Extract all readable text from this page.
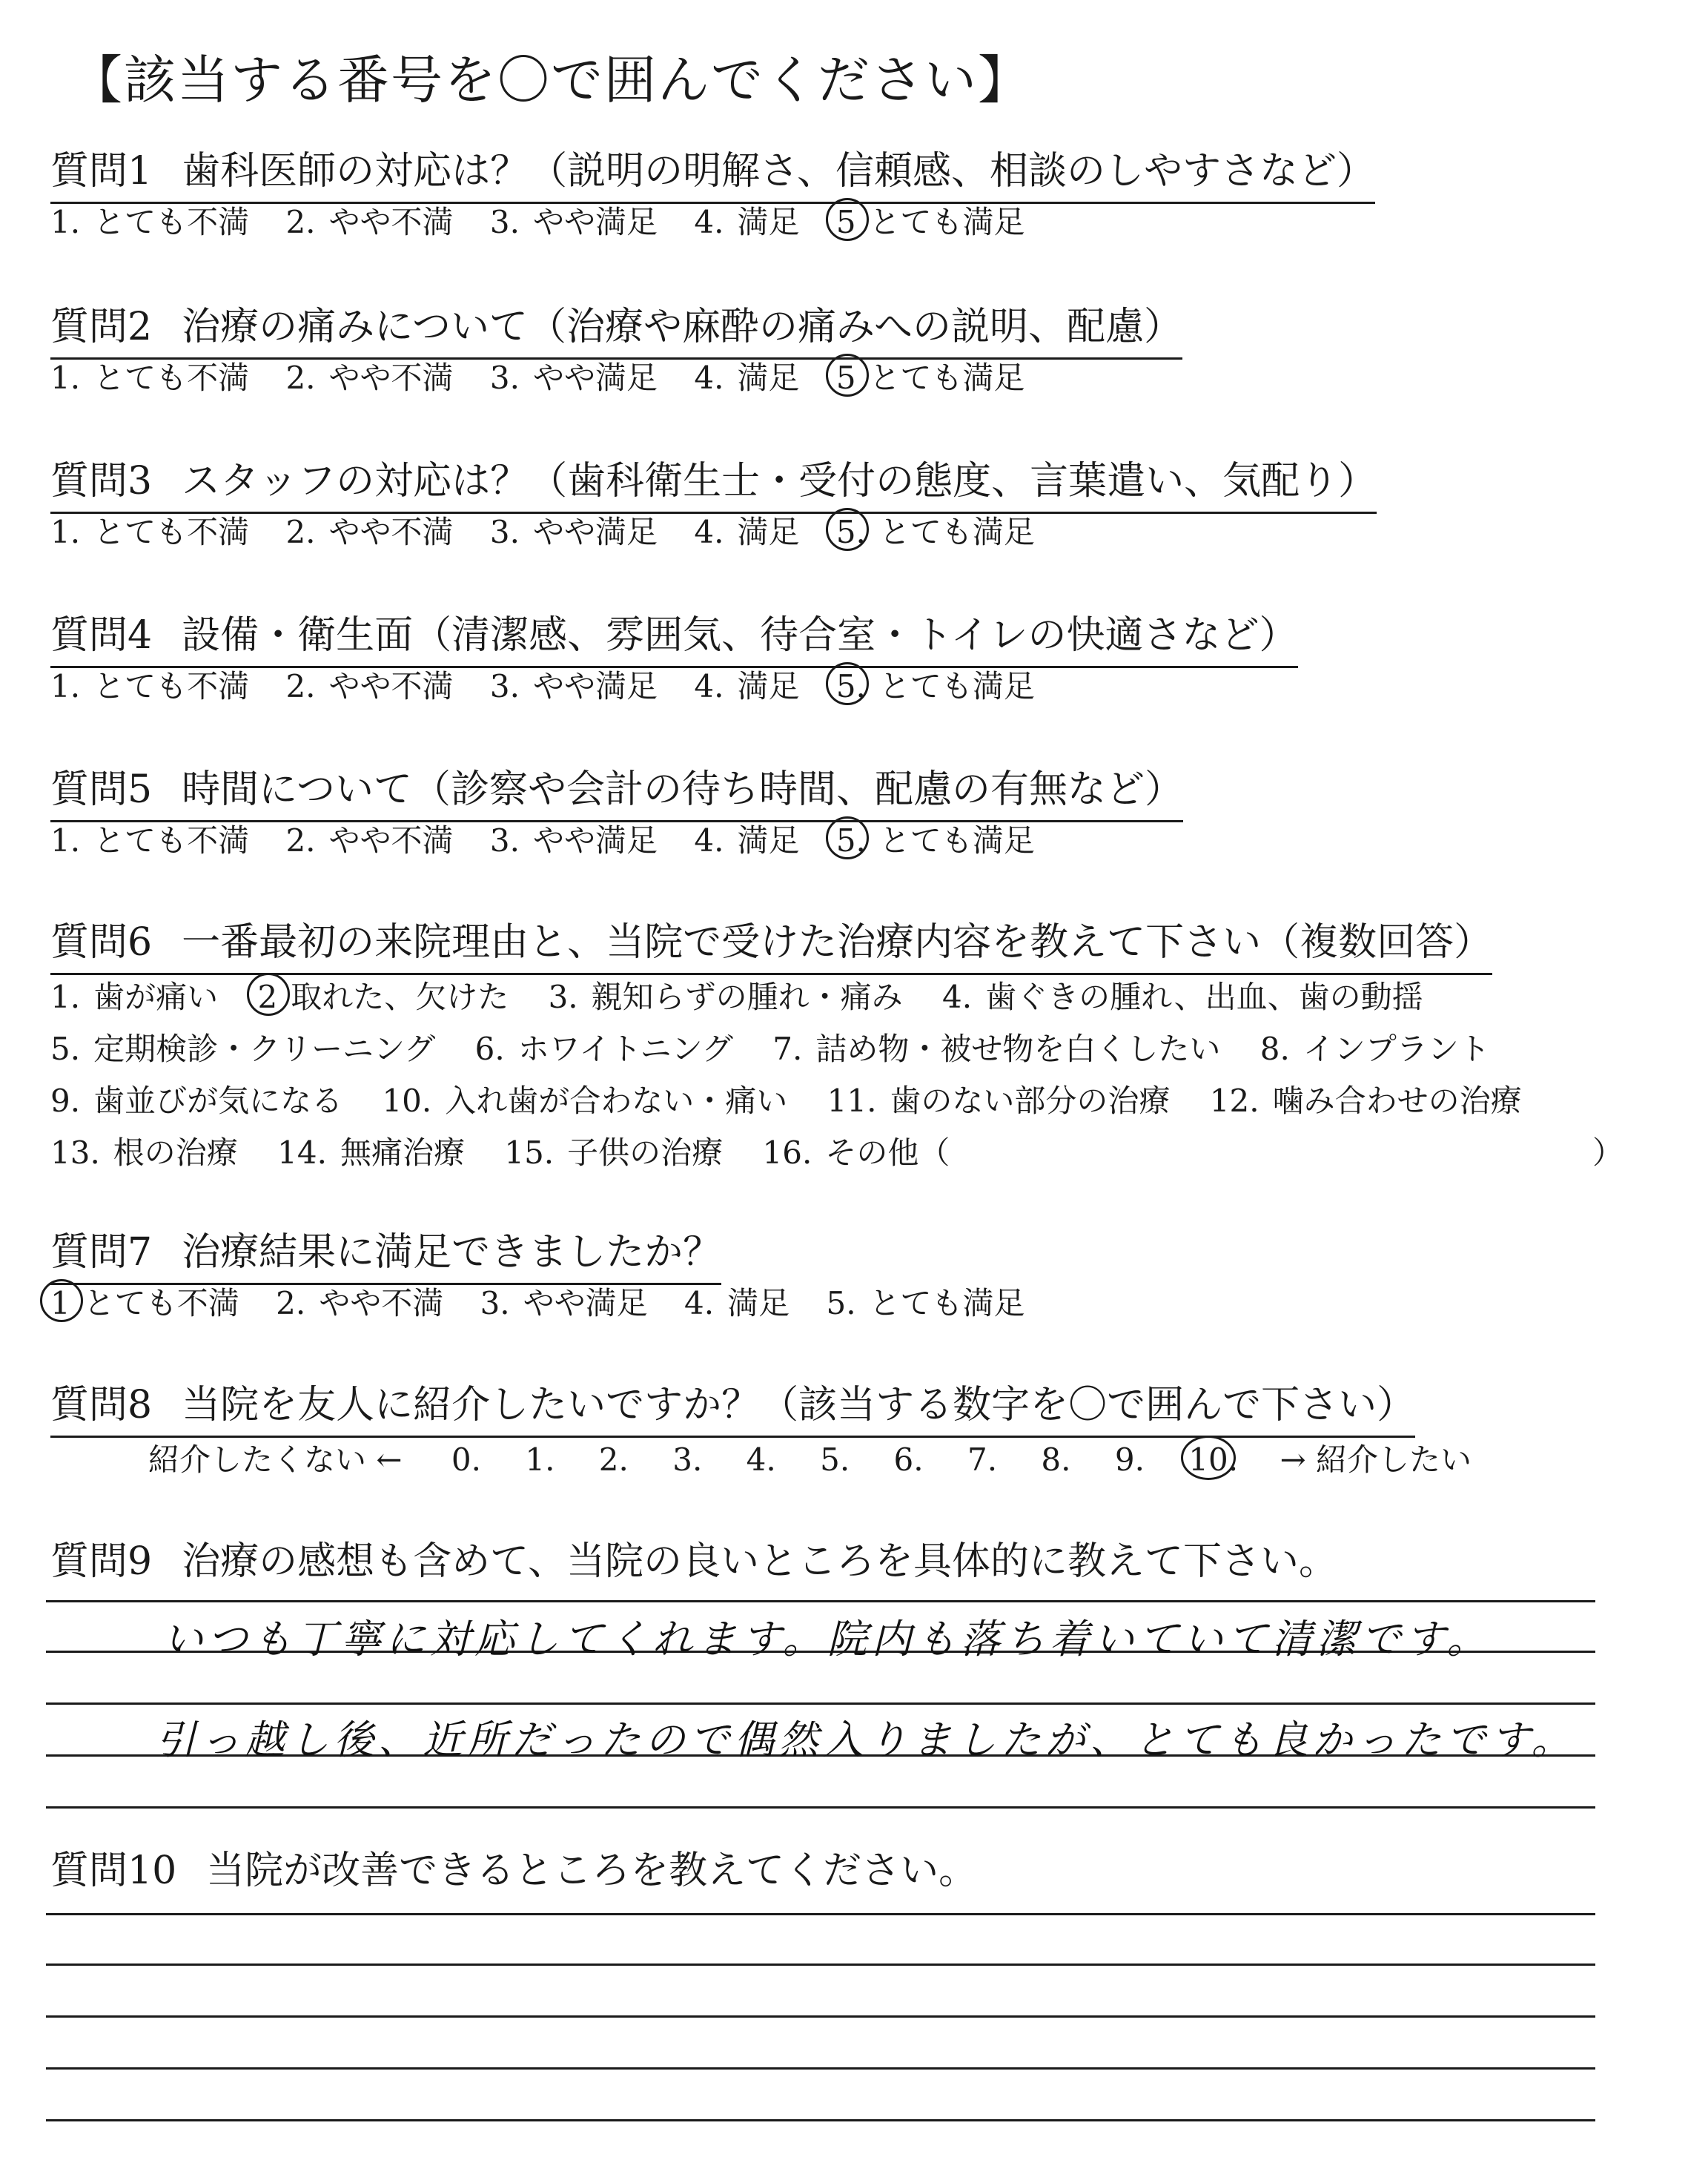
【該当する番号を〇で囲んでください】
質問1 歯科医師の対応は？（説明の明解さ、信頼感、相談のしやすさなど）
1. とても不満 2. やや不満 3. やや満足 4. 満足 5 とても満足
質問2 治療の痛みについて（治療や麻酔の痛みへの説明、配慮）
1. とても不満 2. やや不満 3. やや満足 4. 満足 5 とても満足
質問3 スタッフの対応は？（歯科衛生士・受付の態度、言葉遣い、気配り）
1. とても不満 2. やや不満 3. やや満足 4. 満足 5. とても満足
質問4 設備・衛生面（清潔感、雰囲気、待合室・トイレの快適さなど）
1. とても不満 2. やや不満 3. やや満足 4. 満足 5. とても満足
質問5 時間について（診察や会計の待ち時間、配慮の有無など）
1. とても不満 2. やや不満 3. やや満足 4. 満足 5. とても満足
質問6 一番最初の来院理由と、当院で受けた治療内容を教えて下さい（複数回答）
1. 歯が痛い 2 取れた、欠けた 3. 親知らずの腫れ・痛み 4. 歯ぐきの腫れ、出血、歯の動揺
5. 定期検診・クリーニング 6. ホワイトニング 7. 詰め物・被せ物を白くしたい 8. インプラント
9. 歯並びが気になる 10. 入れ歯が合わない・痛い 11. 歯のない部分の治療 12. 噛み合わせの治療
13. 根の治療 14. 無痛治療 15. 子供の治療 16. その他（	）
質問7 治療結果に満足できましたか？
1 とても不満 2. やや不満 3. やや満足 4. 満足 5. とても満足
質問8 当院を友人に紹介したいですか？（該当する数字を〇で囲んで下さい）
紹介したくない ← 0. 1. 2. 3. 4. 5. 6. 7. 8. 9. 10. → 紹介したい
質問9 治療の感想も含めて、当院の良いところを具体的に教えて下さい。
いつも丁寧に対応してくれます。院内も落ち着いていて清潔です。
引っ越し後、近所だったので偶然入りましたが、とても良かったです。
質問10 当院が改善できるところを教えてください。
